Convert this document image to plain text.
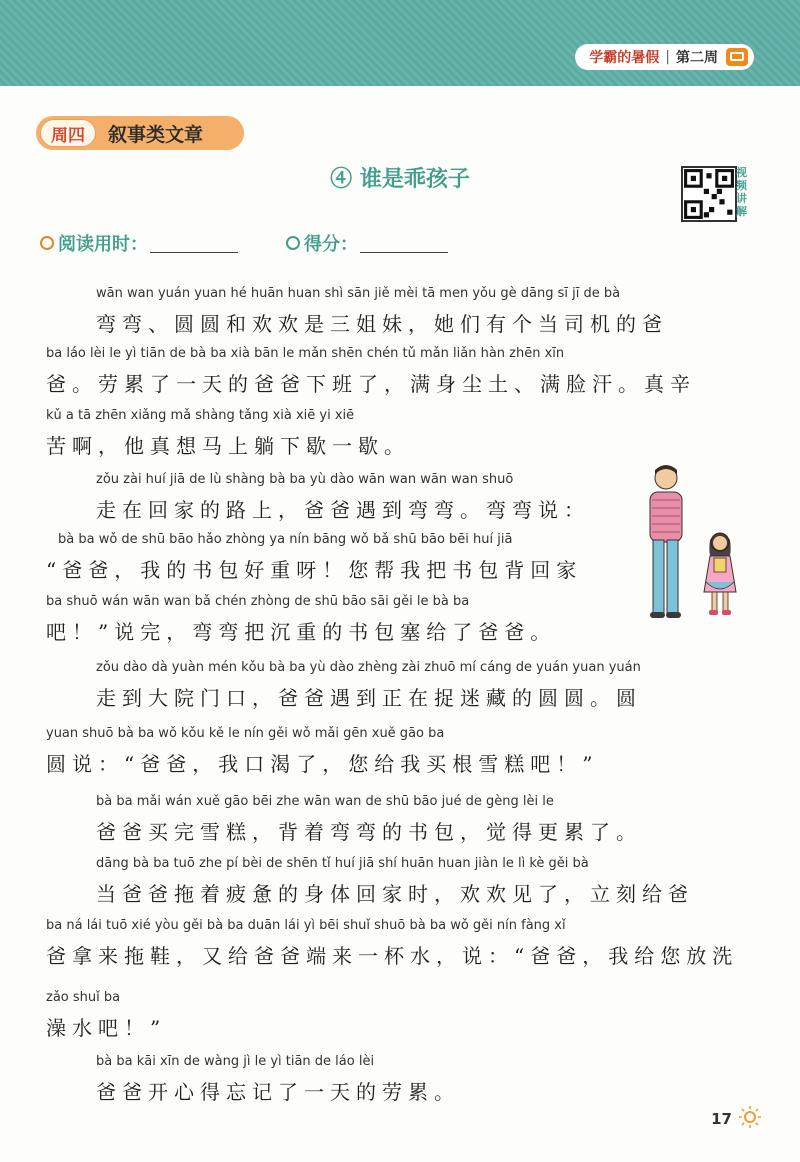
学霸的暑假 | 第二周
周四	叙事类文章
④ 谁是乖孩子	视频讲解
阅读用时：	得分：
wān wan yuán yuan hé huān huan shì sān jiě mèi tā men yǒu gè dāng sī jī de bà
弯弯、圆圆和欢欢是三姐妹，她们有个当司机的爸
ba láo lèi le yì tiān de bà ba xià bān le mǎn shēn chén tǔ mǎn liǎn hàn zhēn xīn
爸。劳累了一天的爸爸下班了，满身尘土、满脸汗。真辛
kǔ a tā zhēn xiǎng mǎ shàng tǎng xià xiē yi xiē
苦啊，他真想马上躺下歇一歇。
zǒu zài huí jiā de lù shàng bà ba yù dào wān wan wān wan shuō
走在回家的路上，爸爸遇到弯弯。弯弯说：
bà ba wǒ de shū bāo hǎo zhòng ya nín bāng wǒ bǎ shū bāo bēi huí jiā
“爸爸，我的书包好重呀！您帮我把书包背回家
ba shuō wán wān wan bǎ chén zhòng de shū bāo sāi gěi le bà ba
吧！”说完，弯弯把沉重的书包塞给了爸爸。
zǒu dào dà yuàn mén kǒu bà ba yù dào zhèng zài zhuō mí cáng de yuán yuan yuán
走到大院门口，爸爸遇到正在捉迷藏的圆圆。圆
yuan shuō bà ba wǒ kǒu kě le nín gěi wǒ mǎi gēn xuě gāo ba
圆说：“爸爸，我口渴了，您给我买根雪糕吧！”
bà ba mǎi wán xuě gāo bēi zhe wān wan de shū bāo jué de gèng lèi le
爸爸买完雪糕，背着弯弯的书包，觉得更累了。
dāng bà ba tuō zhe pí bèi de shēn tǐ huí jiā shí huān huan jiàn le lì kè gěi bà
当爸爸拖着疲惫的身体回家时，欢欢见了，立刻给爸
ba ná lái tuō xié yòu gěi bà ba duān lái yì bēi shuǐ shuō bà ba wǒ gěi nín fàng xǐ
爸拿来拖鞋，又给爸爸端来一杯水，说：“爸爸，我给您放洗
zǎo shuǐ ba
澡水吧！”
bà ba kāi xīn de wàng jì le yì tiān de láo lèi
爸爸开心得忘记了一天的劳累。
17
